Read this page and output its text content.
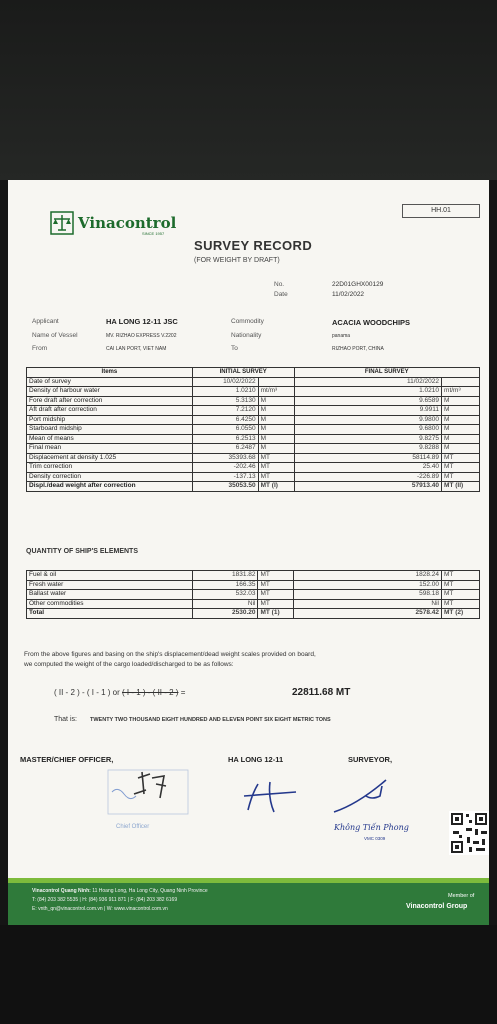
HH.01
Vinacontrol
SINCE 1957
SURVEY RECORD
(FOR WEIGHT BY DRAFT)
No.	22D01GHX00129
Date	11/02/2022
Applicant	HA LONG 12-11 JSC
Name of Vessel	MV. RIZHAO EXPRESS V.2202
From	CAI LAN PORT, VIET NAM
Commodity	ACACIA WOODCHIPS
Nationality	panama
To	RIZHAO PORT, CHINA
Items	INITIAL SURVEY		FINAL SURVEY	
Date of survey	10/02/2022		11/02/2022	
Density of harbour water	1.0210	mt/m³	1.0210	mt/m³
Fore draft after correction	5.3130	M	9.6589	M
Aft draft after correction	7.2120	M	9.9911	M
Port midship	6.4250	M	9.9800	M
Starboard midship	6.0550	M	9.6800	M
Mean of means	6.2513	M	9.8275	M
Final mean	6.2487	M	9.8288	M
Displacement at density 1.025	35393.68	MT	58114.89	MT
Trim correction	-202.46	MT	25.40	MT
Density correction	-137.13	MT	-226.89	MT
Displ./dead weight after correction	35053.50	MT (I)	57913.40	MT (II)
QUANTITY OF SHIP'S ELEMENTS
Fuel & oil	1831.82	MT	1828.24	MT
Fresh water	166.35	MT	152.00	MT
Ballast water	532.03	MT	598.18	MT
Other commodities	Nil	MT	Nil	MT
Total	2530.20	MT (1)	2578.42	MT (2)
From the above figures and basing on the ship's displacement/dead weight scales provided on board,
we computed the weight of the cargo loaded/discharged to be as follows:
( II - 2 ) - ( I - 1 ) or ( I - 1 ) - ( II - 2 ) =	22811.68 MT
That is: TWENTY TWO THOUSAND EIGHT HUNDRED AND ELEVEN POINT SIX EIGHT METRIC TONS
MASTER/CHIEF OFFICER,	HA LONG 12-11	SURVEYOR,
Chief Officer	Không Tiến Phong
VMC 0309
Vinacontrol Quang Ninh: 11 Hoang Long, Ha Long City, Quang Ninh Province
T: (84) 203 382 5535 | H: (84) 936 911 871 | F: (84) 203 382 6169
E: vnth_qn@vinacontrol.com.vn | W: www.vinacontrol.com.vn
Member of
Vinacontrol Group
